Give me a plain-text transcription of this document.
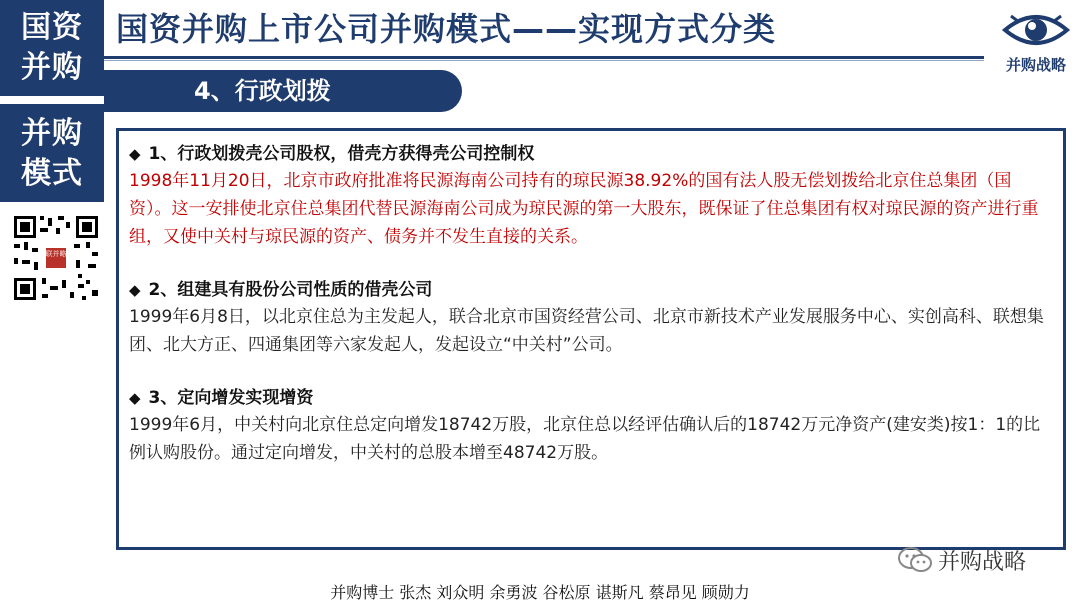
国资
并购
并购
模式
联并略
国资并购上市公司并购模式——实现方式分类
并购战略
4、行政划拨
◆ 1、行政划拨壳公司股权，借壳方获得壳公司控制权
1998年11月20日，北京市政府批准将民源海南公司持有的琼民源38.92%的国有法人股无偿划拨给北京住总集团（国资）。这一安排使北京住总集团代替民源海南公司成为琼民源的第一大股东，既保证了住总集团有权对琼民源的资产进行重组，又使中关村与琼民源的资产、债务并不发生直接的关系。
◆ 2、组建具有股份公司性质的借壳公司
1999年6月8日，以北京住总为主发起人，联合北京市国资经营公司、北京市新技术产业发展服务中心、实创高科、联想集团、北大方正、四通集团等六家发起人，发起设立“中关村”公司。
◆ 3、定向增发实现增资
1999年6月，中关村向北京住总定向增发18742万股，北京住总以经评估确认后的18742万元净资产(建安类)按1：1的比例认购股份。通过定向增发，中关村的总股本增至48742万股。
并购战略
并购博士 张杰 刘众明 余勇波 谷松原 谌斯凡 蔡昂见 顾勋力
